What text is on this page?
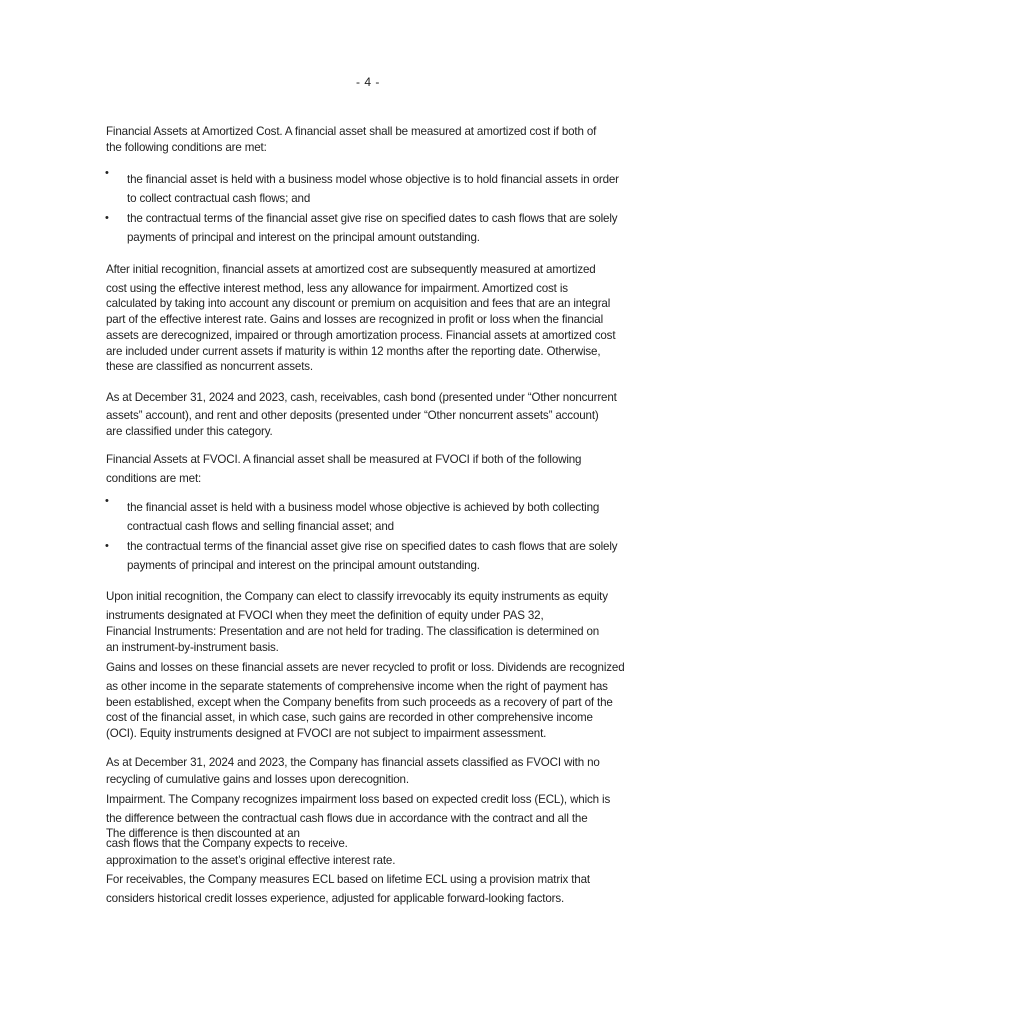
- 4 -
Financial Assets at Amortized Cost. A financial asset shall be measured at amortized cost if both of
the following conditions are met:
• the financial asset is held with a business model whose objective is to hold financial assets in order
to collect contractual cash flows; and
• the contractual terms of the financial asset give rise on specified dates to cash flows that are solely
payments of principal and interest on the principal amount outstanding.
After initial recognition, financial assets at amortized cost are subsequently measured at amortized
cost using the effective interest method, less any allowance for impairment. Amortized cost is
calculated by taking into account any discount or premium on acquisition and fees that are an integral
part of the effective interest rate. Gains and losses are recognized in profit or loss when the financial
assets are derecognized, impaired or through amortization process. Financial assets at amortized cost
are included under current assets if maturity is within 12 months after the reporting date. Otherwise,
these are classified as noncurrent assets.
As at December 31, 2024 and 2023, cash, receivables, cash bond (presented under “Other noncurrent
assets” account), and rent and other deposits (presented under “Other noncurrent assets” account)
are classified under this category.
Financial Assets at FVOCI. A financial asset shall be measured at FVOCI if both of the following
conditions are met:
• the financial asset is held with a business model whose objective is achieved by both collecting
contractual cash flows and selling financial asset; and
• the contractual terms of the financial asset give rise on specified dates to cash flows that are solely
payments of principal and interest on the principal amount outstanding.
Upon initial recognition, the Company can elect to classify irrevocably its equity instruments as equity
instruments designated at FVOCI when they meet the definition of equity under PAS 32,
Financial Instruments: Presentation and are not held for trading. The classification is determined on
an instrument-by-instrument basis.
Gains and losses on these financial assets are never recycled to profit or loss. Dividends are recognized
as other income in the separate statements of comprehensive income when the right of payment has
been established, except when the Company benefits from such proceeds as a recovery of part of the
cost of the financial asset, in which case, such gains are recorded in other comprehensive income
(OCI). Equity instruments designed at FVOCI are not subject to impairment assessment.
As at December 31, 2024 and 2023, the Company has financial assets classified as FVOCI with no
recycling of cumulative gains and losses upon derecognition.
Impairment. The Company recognizes impairment loss based on expected credit loss (ECL), which is
the difference between the contractual cash flows due in accordance with the contract and all the
The difference is then discounted at an
cash flows that the Company expects to receive.
approximation to the asset’s original effective interest rate.
For receivables, the Company measures ECL based on lifetime ECL using a provision matrix that
considers historical credit losses experience, adjusted for applicable forward-looking factors.
